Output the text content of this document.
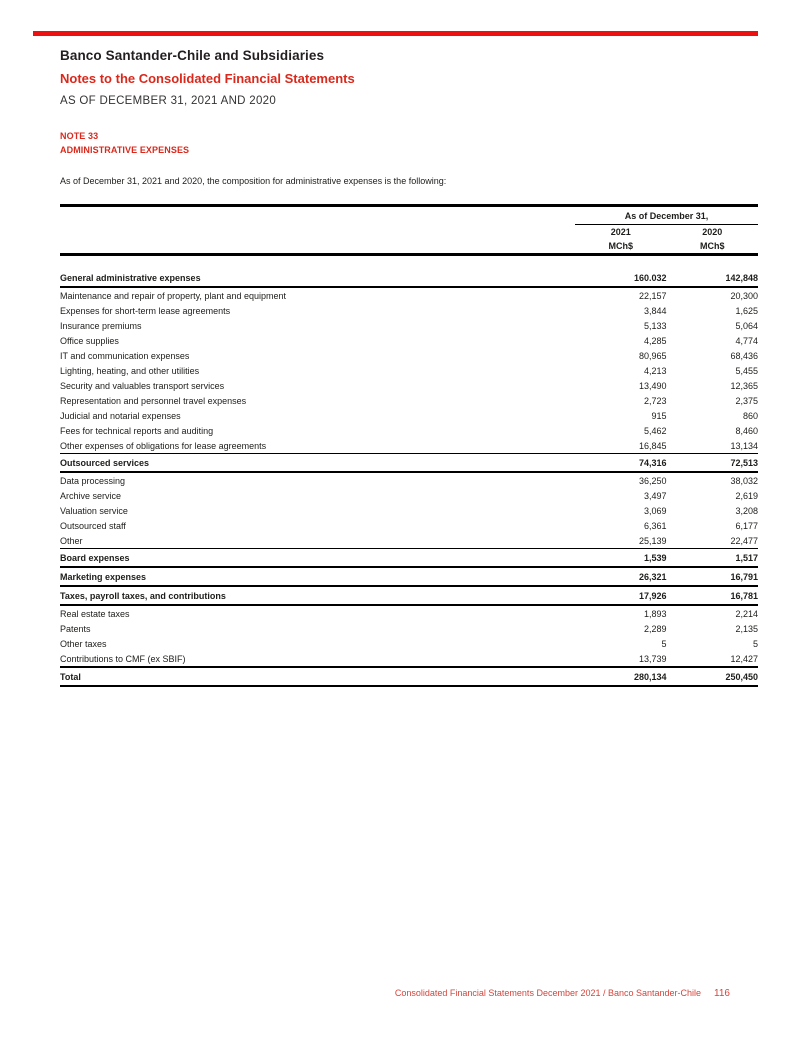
Banco Santander-Chile and Subsidiaries
Notes to the Consolidated Financial Statements
AS OF DECEMBER 31, 2021 AND 2020
NOTE 33
ADMINISTRATIVE EXPENSES

As of December 31, 2021 and 2020, the composition for administrative expenses is the following:

	As of December 31,	
	2021	2020
	MCh$	MCh$

General administrative expenses	160.032	142,848
Maintenance and repair of property, plant and equipment	22,157	20,300
Expenses for short-term lease agreements	3,844	1,625
Insurance premiums	5,133	5,064
Office supplies	4,285	4,774
IT and communication expenses	80,965	68,436
Lighting, heating, and other utilities	4,213	5,455
Security and valuables transport services	13,490	12,365
Representation and personnel travel expenses	2,723	2,375
Judicial and notarial expenses	915	860
Fees for technical reports and auditing	5,462	8,460
Other expenses of obligations for lease agreements	16,845	13,134
Outsourced services	74,316	72,513
Data processing	36,250	38,032
Archive service	3,497	2,619
Valuation service	3,069	3,208
Outsourced staff	6,361	6,177
Other	25,139	22,477
Board expenses	1,539	1,517
Marketing expenses	26,321	16,791
Taxes, payroll taxes, and contributions	17,926	16,781
Real estate taxes	1,893	2,214
Patents	2,289	2,135
Other taxes	5	5
Contributions to CMF (ex SBIF)	13,739	12,427
Total	280,134	250,450
Consolidated Financial Statements December 2021 / Banco Santander-Chile 116
